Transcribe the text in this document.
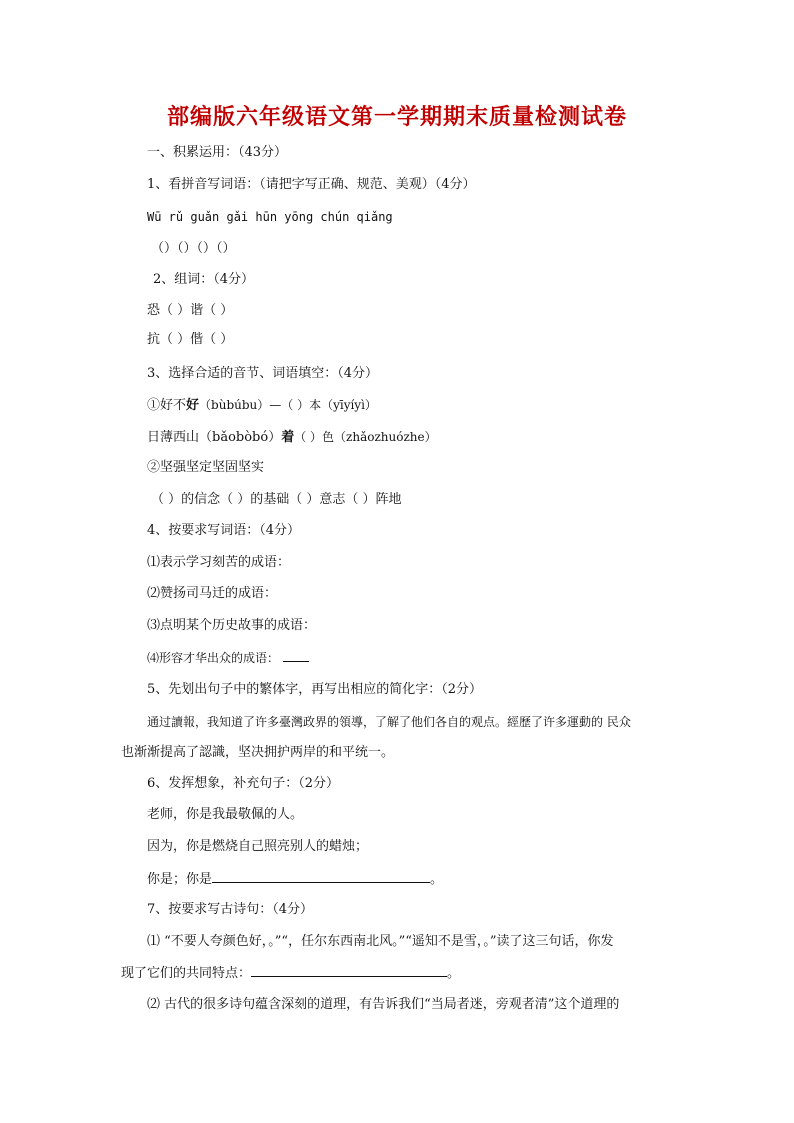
部编版六年级语文第一学期期末质量检测试卷
一、积累运用：（43分）
1、看拼音写词语：（请把字写正确、规范、美观）（4分）
Wū rǔ guǎn gǎi hūn yōng chún qiǎng
（）（）（）（）
2、组词：（4分）
恐（ ）谐（ ）
抗（ ）偕（ ）
3、选择合适的音节、词语填空：（4分）
①好不好（bùbúbu）—（ ）本（yīyíyì）
日薄西山（bǎobòbó）着（ ）色（zhǎozhuózhe）
②坚强坚定坚固坚实
（ ）的信念（ ）的基础（ ）意志（ ）阵地
4、按要求写词语：（4分）
⑴表示学习刻苦的成语：
⑵赞扬司马迁的成语：
⑶点明某个历史故事的成语：
⑷形容才华出众的成语：
5、先划出句子中的繁体字，再写出相应的简化字：（2分）
通过讀報，我知道了许多臺灣政界的領導，了解了他们各自的观点。經歷了许多運動的 民众
也渐渐提高了認識，坚决拥护两岸的和平统一。
6、发挥想象，补充句子：（2分）
老师，你是我最敬佩的人。
因为，你是燃烧自己照亮别人的蜡烛；
你是；你是	。
7、按要求写古诗句：（4分）
⑴ “不要人夸颜色好，。”“，任尔东西南北风。”“遥知不是雪，。”读了这三句话，你发
现了它们的共同特点：	。
⑵ 古代的很多诗句蕴含深刻的道理，有告诉我们“当局者迷，旁观者清”这个道理的
